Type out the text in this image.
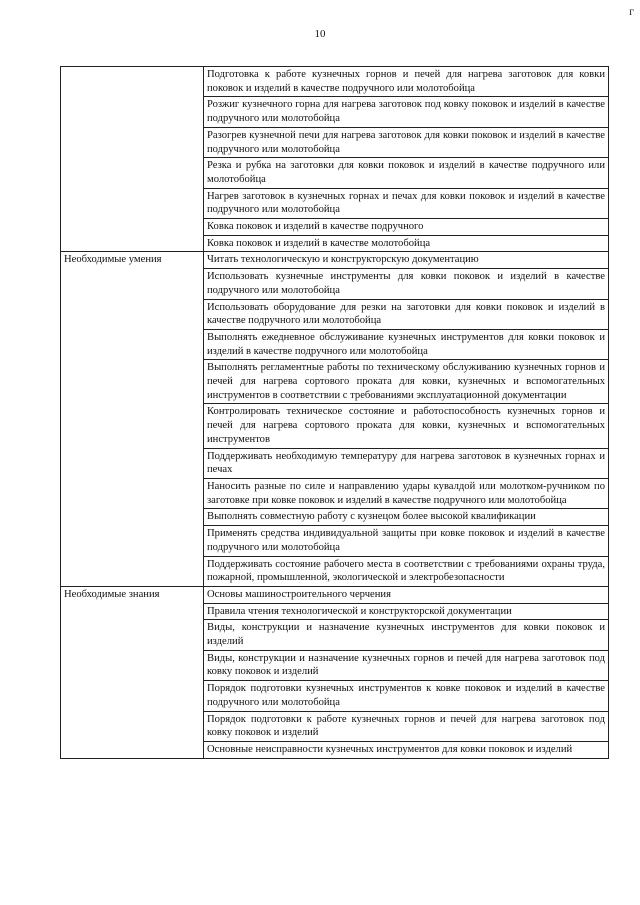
10
г
	Подготовка к работе кузнечных горнов и печей для нагрева заготовок для ковки поковок и изделий в качестве подручного или молотобойца
	Розжиг кузнечного горна для нагрева заготовок под ковку поковок и изделий в качестве подручного или молотобойца
	Разогрев кузнечной печи для нагрева заготовок для ковки поковок и изделий в качестве подручного или молотобойца
	Резка и рубка на заготовки для ковки поковок и изделий в качестве подручного или молотобойца
	Нагрев заготовок в кузнечных горнах и печах для ковки поковок и изделий в качестве подручного или молотобойца
	Ковка поковок и изделий в качестве подручного
	Ковка поковок и изделий в качестве молотобойца
Необходимые умения	Читать технологическую и конструкторскую документацию
	Использовать кузнечные инструменты для ковки поковок и изделий в качестве подручного или молотобойца
	Использовать оборудование для резки на заготовки для ковки поковок и изделий в качестве подручного или молотобойца
	Выполнять ежедневное обслуживание кузнечных инструментов для ковки поковок и изделий в качестве подручного или молотобойца
	Выполнять регламентные работы по техническому обслуживанию кузнечных горнов и печей для нагрева сортового проката для ковки, кузнечных и вспомогательных инструментов в соответствии с требованиями эксплуатационной документации
	Контролировать техническое состояние и работоспособность кузнечных горнов и печей для нагрева сортового проката для ковки, кузнечных и вспомогательных инструментов
	Поддерживать необходимую температуру для нагрева заготовок в кузнечных горнах и печах
	Наносить разные по силе и направлению удары кувалдой или молотком-ручником по заготовке при ковке поковок и изделий в качестве подручного или молотобойца
	Выполнять совместную работу с кузнецом более высокой квалификации
	Применять средства индивидуальной защиты при ковке поковок и изделий в качестве подручного или молотобойца
	Поддерживать состояние рабочего места в соответствии с требованиями охраны труда, пожарной, промышленной, экологической и электробезопасности
Необходимые знания	Основы машиностроительного черчения
	Правила чтения технологической и конструкторской документации
	Виды, конструкции и назначение кузнечных инструментов для ковки поковок и изделий
	Виды, конструкции и назначение кузнечных горнов и печей для нагрева заготовок под ковку поковок и изделий
	Порядок подготовки кузнечных инструментов к ковке поковок и изделий в качестве подручного или молотобойца
	Порядок подготовки к работе кузнечных горнов и печей для нагрева заготовок под ковку поковок и изделий
	Основные неисправности кузнечных инструментов для ковки поковок и изделий
